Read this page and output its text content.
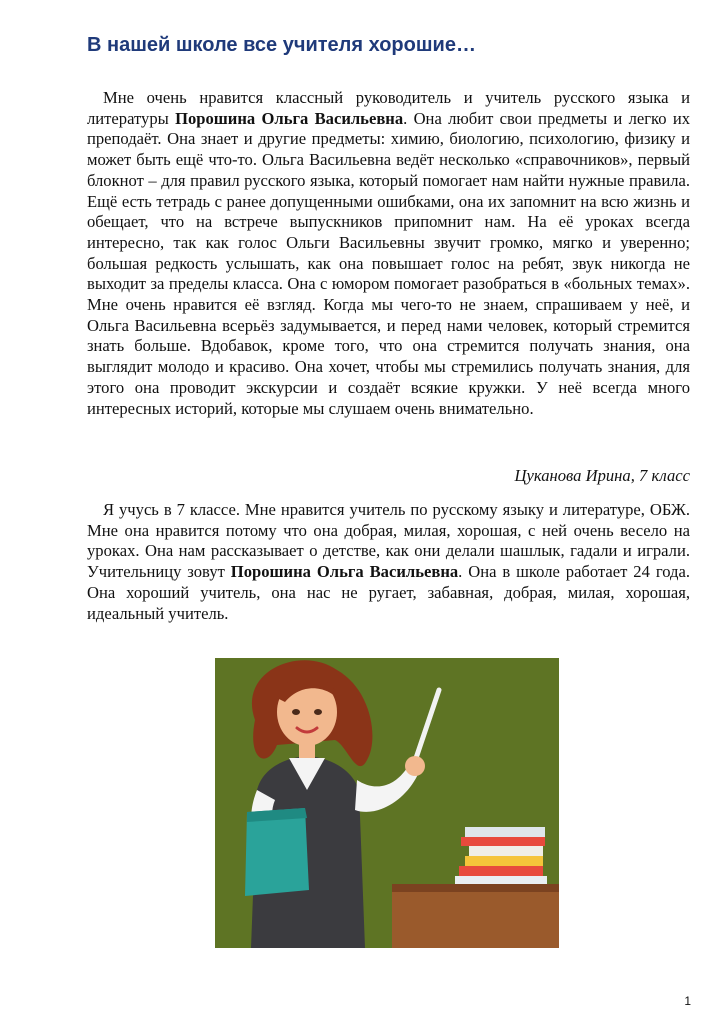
В нашей школе все учителя хорошие…

Мне очень нравится классный руководитель и учитель русского языка и литературы Порошина Ольга Васильевна. Она любит свои предметы и легко их преподаёт. Она знает и другие предметы: химию, биологию, психологию, физику и может быть ещё что-то. Ольга Васильевна ведёт несколько «справочников», первый блокнот – для правил русского языка, который помогает нам найти нужные правила. Ещё есть тетрадь с ранее допущенными ошибками, она их запомнит на всю жизнь и обещает, что на встрече выпускников припомнит нам. На её уроках всегда интересно, так как голос Ольги Васильевны звучит громко, мягко и уверенно; большая редкость услышать, как она повышает голос на ребят, звук никогда не выходит за пределы класса. Она с юмором помогает разобраться в «больных темах». Мне очень нравится её взгляд. Когда мы чего-то не знаем, спрашиваем у неё, и Ольга Васильевна всерьёз задумывается, и перед нами человек, который стремится знать больше. Вдобавок, кроме того, что она стремится получать знания, она выглядит молодо и красиво. Она хочет, чтобы мы стремились получать знания, для этого она проводит экскурсии и создаёт всякие кружки. У неё всегда много интересных историй, которые мы слушаем очень внимательно.

Цуканова Ирина, 7 класс

Я учусь в 7 классе. Мне нравится учитель по русскому языку и литературе, ОБЖ. Мне она нравится потому что она добрая, милая, хорошая, с ней очень весело на уроках. Она нам рассказывает о детстве, как они делали шашлык, гадали и играли. Учительницу зовут Порошина Ольга Васильевна. Она в школе работает 24 года. Она хороший учитель, она нас не ругает, забавная, добрая, милая, хорошая, идеальный учитель.

1
